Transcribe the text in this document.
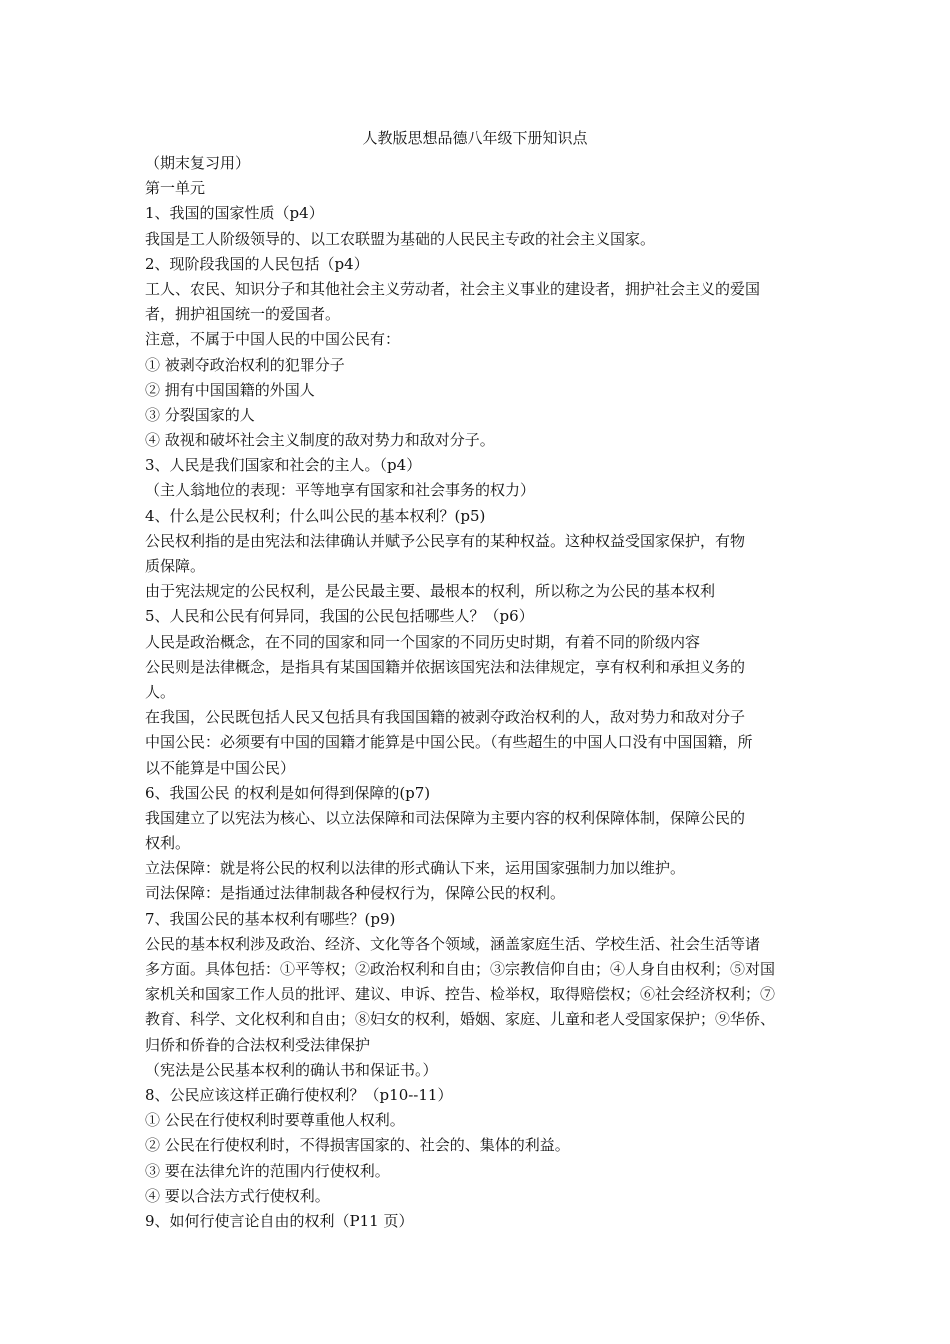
人教版思想品德八年级下册知识点
（期末复习用）
第一单元
1、我国的国家性质（p4）
我国是工人阶级领导的、以工农联盟为基础的人民民主专政的社会主义国家。
2、现阶段我国的人民包括（p4）
工人、农民、知识分子和其他社会主义劳动者，社会主义事业的建设者，拥护社会主义的爱国
者，拥护祖国统一的爱国者。
注意，不属于中国人民的中国公民有：
① 被剥夺政治权利的犯罪分子
② 拥有中国国籍的外国人
③ 分裂国家的人
④ 敌视和破坏社会主义制度的敌对势力和敌对分子。
3、人民是我们国家和社会的主人。（p4）
（主人翁地位的表现：平等地享有国家和社会事务的权力）
4、什么是公民权利；什么叫公民的基本权利？(p5)
公民权利指的是由宪法和法律确认并赋予公民享有的某种权益。这种权益受国家保护，有物
质保障。
由于宪法规定的公民权利，是公民最主要、最根本的权利，所以称之为公民的基本权利
5、人民和公民有何异同，我国的公民包括哪些人？（p6）
人民是政治概念，在不同的国家和同一个国家的不同历史时期，有着不同的阶级内容
公民则是法律概念，是指具有某国国籍并依据该国宪法和法律规定，享有权利和承担义务的
人。
在我国，公民既包括人民又包括具有我国国籍的被剥夺政治权利的人，敌对势力和敌对分子
中国公民：必须要有中国的国籍才能算是中国公民。（有些超生的中国人口没有中国国籍，所
以不能算是中国公民）
6、我国公民 的权利是如何得到保障的(p7)
我国建立了以宪法为核心、以立法保障和司法保障为主要内容的权利保障体制，保障公民的
权利。
立法保障：就是将公民的权利以法律的形式确认下来，运用国家强制力加以维护。
司法保障：是指通过法律制裁各种侵权行为，保障公民的权利。
7、我国公民的基本权利有哪些？(p9)
公民的基本权利涉及政治、经济、文化等各个领域，涵盖家庭生活、学校生活、社会生活等诸
多方面。具体包括：①平等权；②政治权利和自由；③宗教信仰自由；④人身自由权利；⑤对国
家机关和国家工作人员的批评、建议、申诉、控告、检举权，取得赔偿权；⑥社会经济权利；⑦
教育、科学、文化权利和自由；⑧妇女的权利，婚姻、家庭、儿童和老人受国家保护；⑨华侨、
归侨和侨眷的合法权利受法律保护
（宪法是公民基本权利的确认书和保证书。）
8、公民应该这样正确行使权利？（p10--11）
① 公民在行使权利时要尊重他人权利。
② 公民在行使权利时，不得损害国家的、社会的、集体的利益。
③ 要在法律允许的范围内行使权利。
④ 要以合法方式行使权利。
9、如何行使言论自由的权利（P11 页）
